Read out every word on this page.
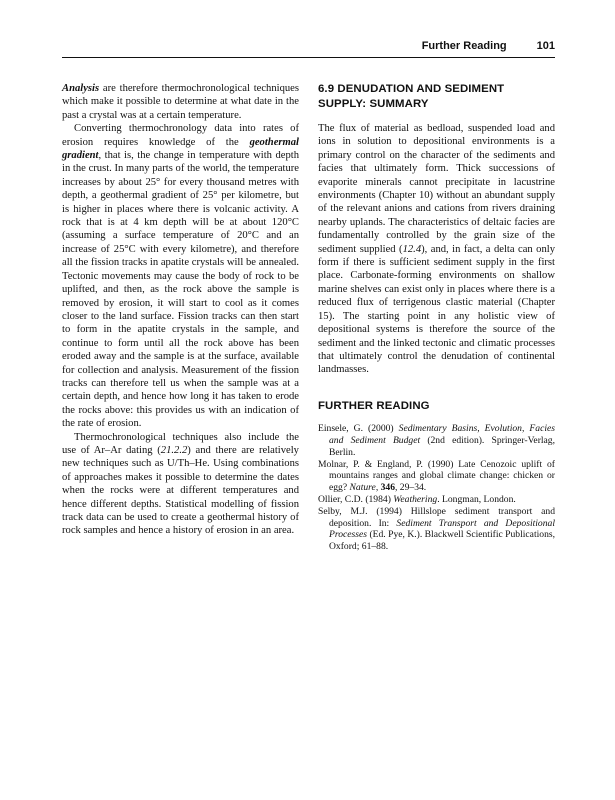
Further Reading	101

Analysis are therefore thermochronological techniques which make it possible to determine at what date in the past a crystal was at a certain temperature.

Converting thermochronology data into rates of erosion requires knowledge of the geothermal gradient, that is, the change in temperature with depth in the crust. In many parts of the world, the temperature increases by about 25° for every thousand metres with depth, a geothermal gradient of 25° per kilometre, but is higher in places where there is volcanic activity. A rock that is at 4 km depth will be at about 120°C (assuming a surface temperature of 20°C and an increase of 25°C with every kilometre), and therefore all the fission tracks in apatite crystals will be annealed. Tectonic movements may cause the body of rock to be uplifted, and then, as the rock above the sample is removed by erosion, it will start to cool as it comes closer to the land surface. Fission tracks can then start to form in the apatite crystals in the sample, and continue to form until all the rock above has been eroded away and the sample is at the surface, available for collection and analysis. Measurement of the fission tracks can therefore tell us when the sample was at a certain depth, and hence how long it has taken to erode the rocks above: this provides us with an indication of the rate of erosion.

Thermochronological techniques also include the use of Ar–Ar dating (21.2.2) and there are relatively new techniques such as U/Th–He. Using combinations of approaches makes it possible to determine the dates when the rocks were at different temperatures and hence different depths. Statistical modelling of fission track data can be used to create a geothermal history of rock samples and hence a history of erosion in an area.

6.9 DENUDATION AND SEDIMENT SUPPLY: SUMMARY

The flux of material as bedload, suspended load and ions in solution to depositional environments is a primary control on the character of the sediments and facies that ultimately form. Thick successions of evaporite minerals cannot precipitate in lacustrine environments (Chapter 10) without an abundant supply of the relevant anions and cations from rivers draining nearby uplands. The characteristics of deltaic facies are fundamentally controlled by the grain size of the sediment supplied (12.4), and, in fact, a delta can only form if there is sufficient sediment supply in the first place. Carbonate-forming environments on shallow marine shelves can exist only in places where there is a reduced flux of terrigenous clastic material (Chapter 15). The starting point in any holistic view of depositional systems is therefore the source of the sediment and the linked tectonic and climatic processes that ultimately control the denudation of continental landmasses.

FURTHER READING

Einsele, G. (2000) Sedimentary Basins, Evolution, Facies and Sediment Budget (2nd edition). Springer-Verlag, Berlin.

Molnar, P. & England, P. (1990) Late Cenozoic uplift of mountains ranges and global climate change: chicken or egg? Nature, 346, 29–34.

Ollier, C.D. (1984) Weathering. Longman, London.

Selby, M.J. (1994) Hillslope sediment transport and deposition. In: Sediment Transport and Depositional Processes (Ed. Pye, K.). Blackwell Scientific Publications, Oxford; 61–88.
